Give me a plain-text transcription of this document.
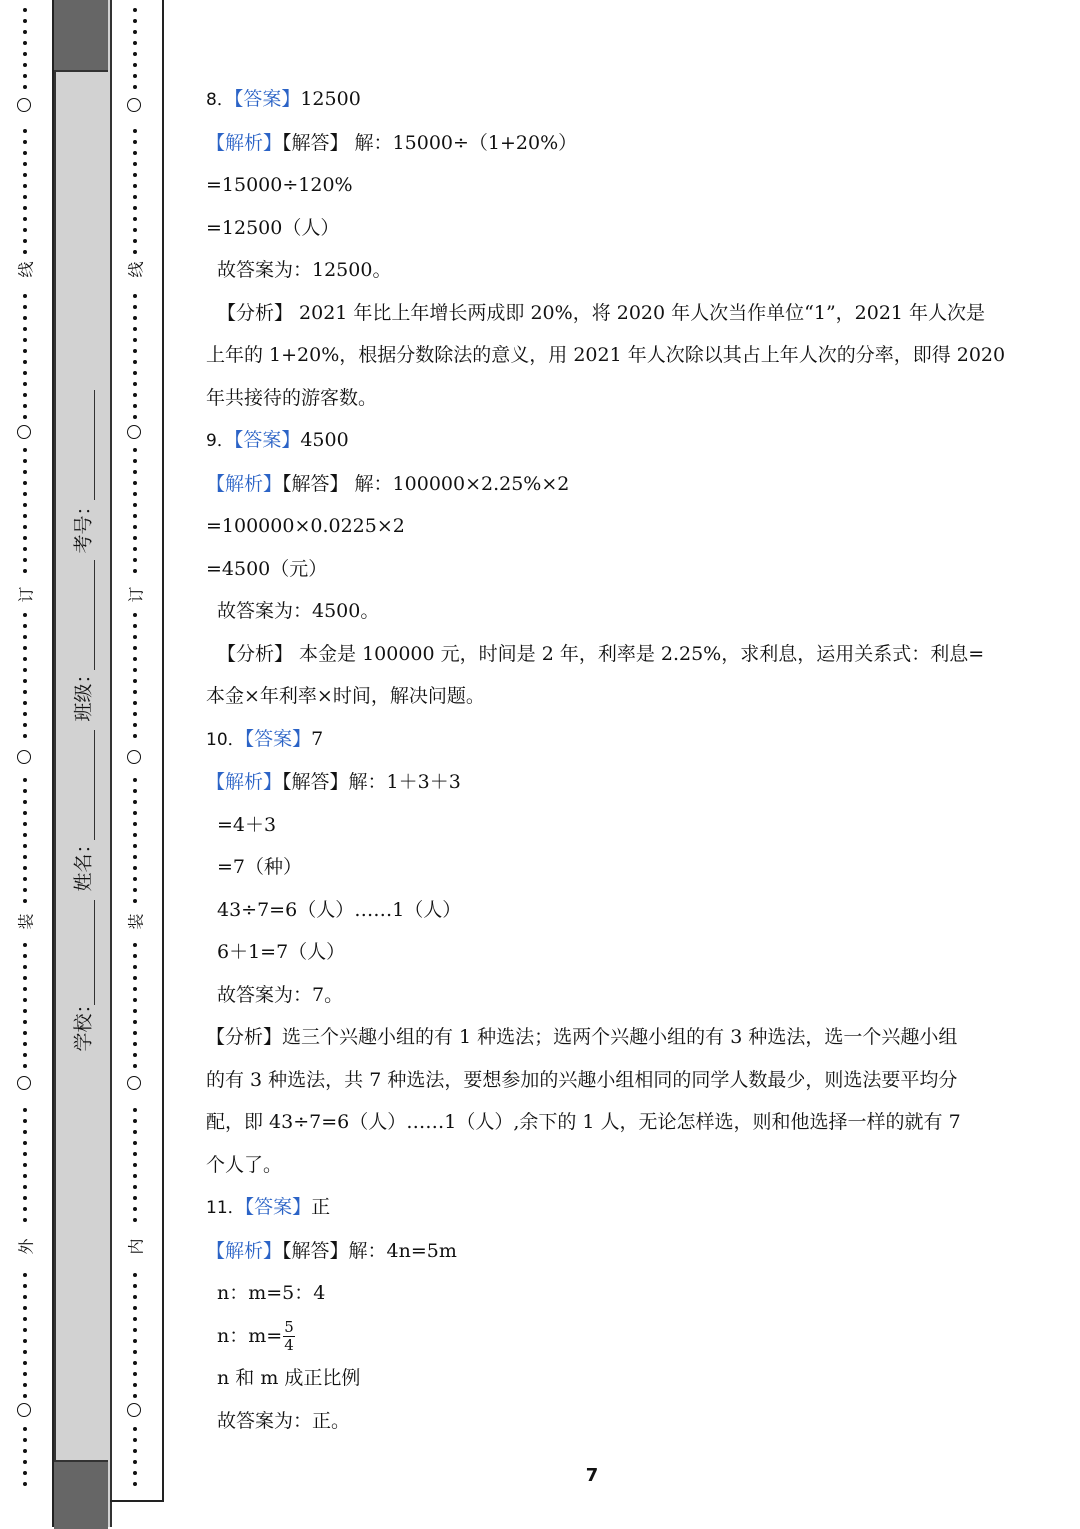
线
订
装
外
线
订
装
内
学校：
姓名：
班级：
考号：
8．【答案】12500
【解析】【解答】 解：15000÷（1+20%）
=15000÷120%
=12500（人）
故答案为：12500。
【分析】 2021 年比上年增长两成即 20%，将 2020 年人次当作单位“1”，2021 年人次是
上年的 1+20%，根据分数除法的意义，用 2021 年人次除以其占上年人次的分率，即得 2020
年共接待的游客数。
9．【答案】4500
【解析】【解答】 解：100000×2.25%×2
=100000×0.0225×2
=4500（元）
故答案为：4500。
【分析】 本金是 100000 元，时间是 2 年，利率是 2.25%，求利息，运用关系式：利息=
本金×年利率×时间，解决问题。
10．【答案】7
【解析】【解答】解：1＋3＋3
=4＋3
=7（种）
43÷7=6（人）……1（人）
6＋1=7（人）
故答案为：7。
【分析】选三个兴趣小组的有 1 种选法；选两个兴趣小组的有 3 种选法，选一个兴趣小组
的有 3 种选法，共 7 种选法，要想参加的兴趣小组相同的同学人数最少，则选法要平均分
配，即 43÷7=6（人）……1（人）,余下的 1 人，无论怎样选，则和他选择一样的就有 7
个人了。
11．【答案】正
【解析】【解答】解：4n=5m
n：m=5：4
n：$m= \frac{5}{4}$
n 和 m 成正比例
故答案为：正。
7
